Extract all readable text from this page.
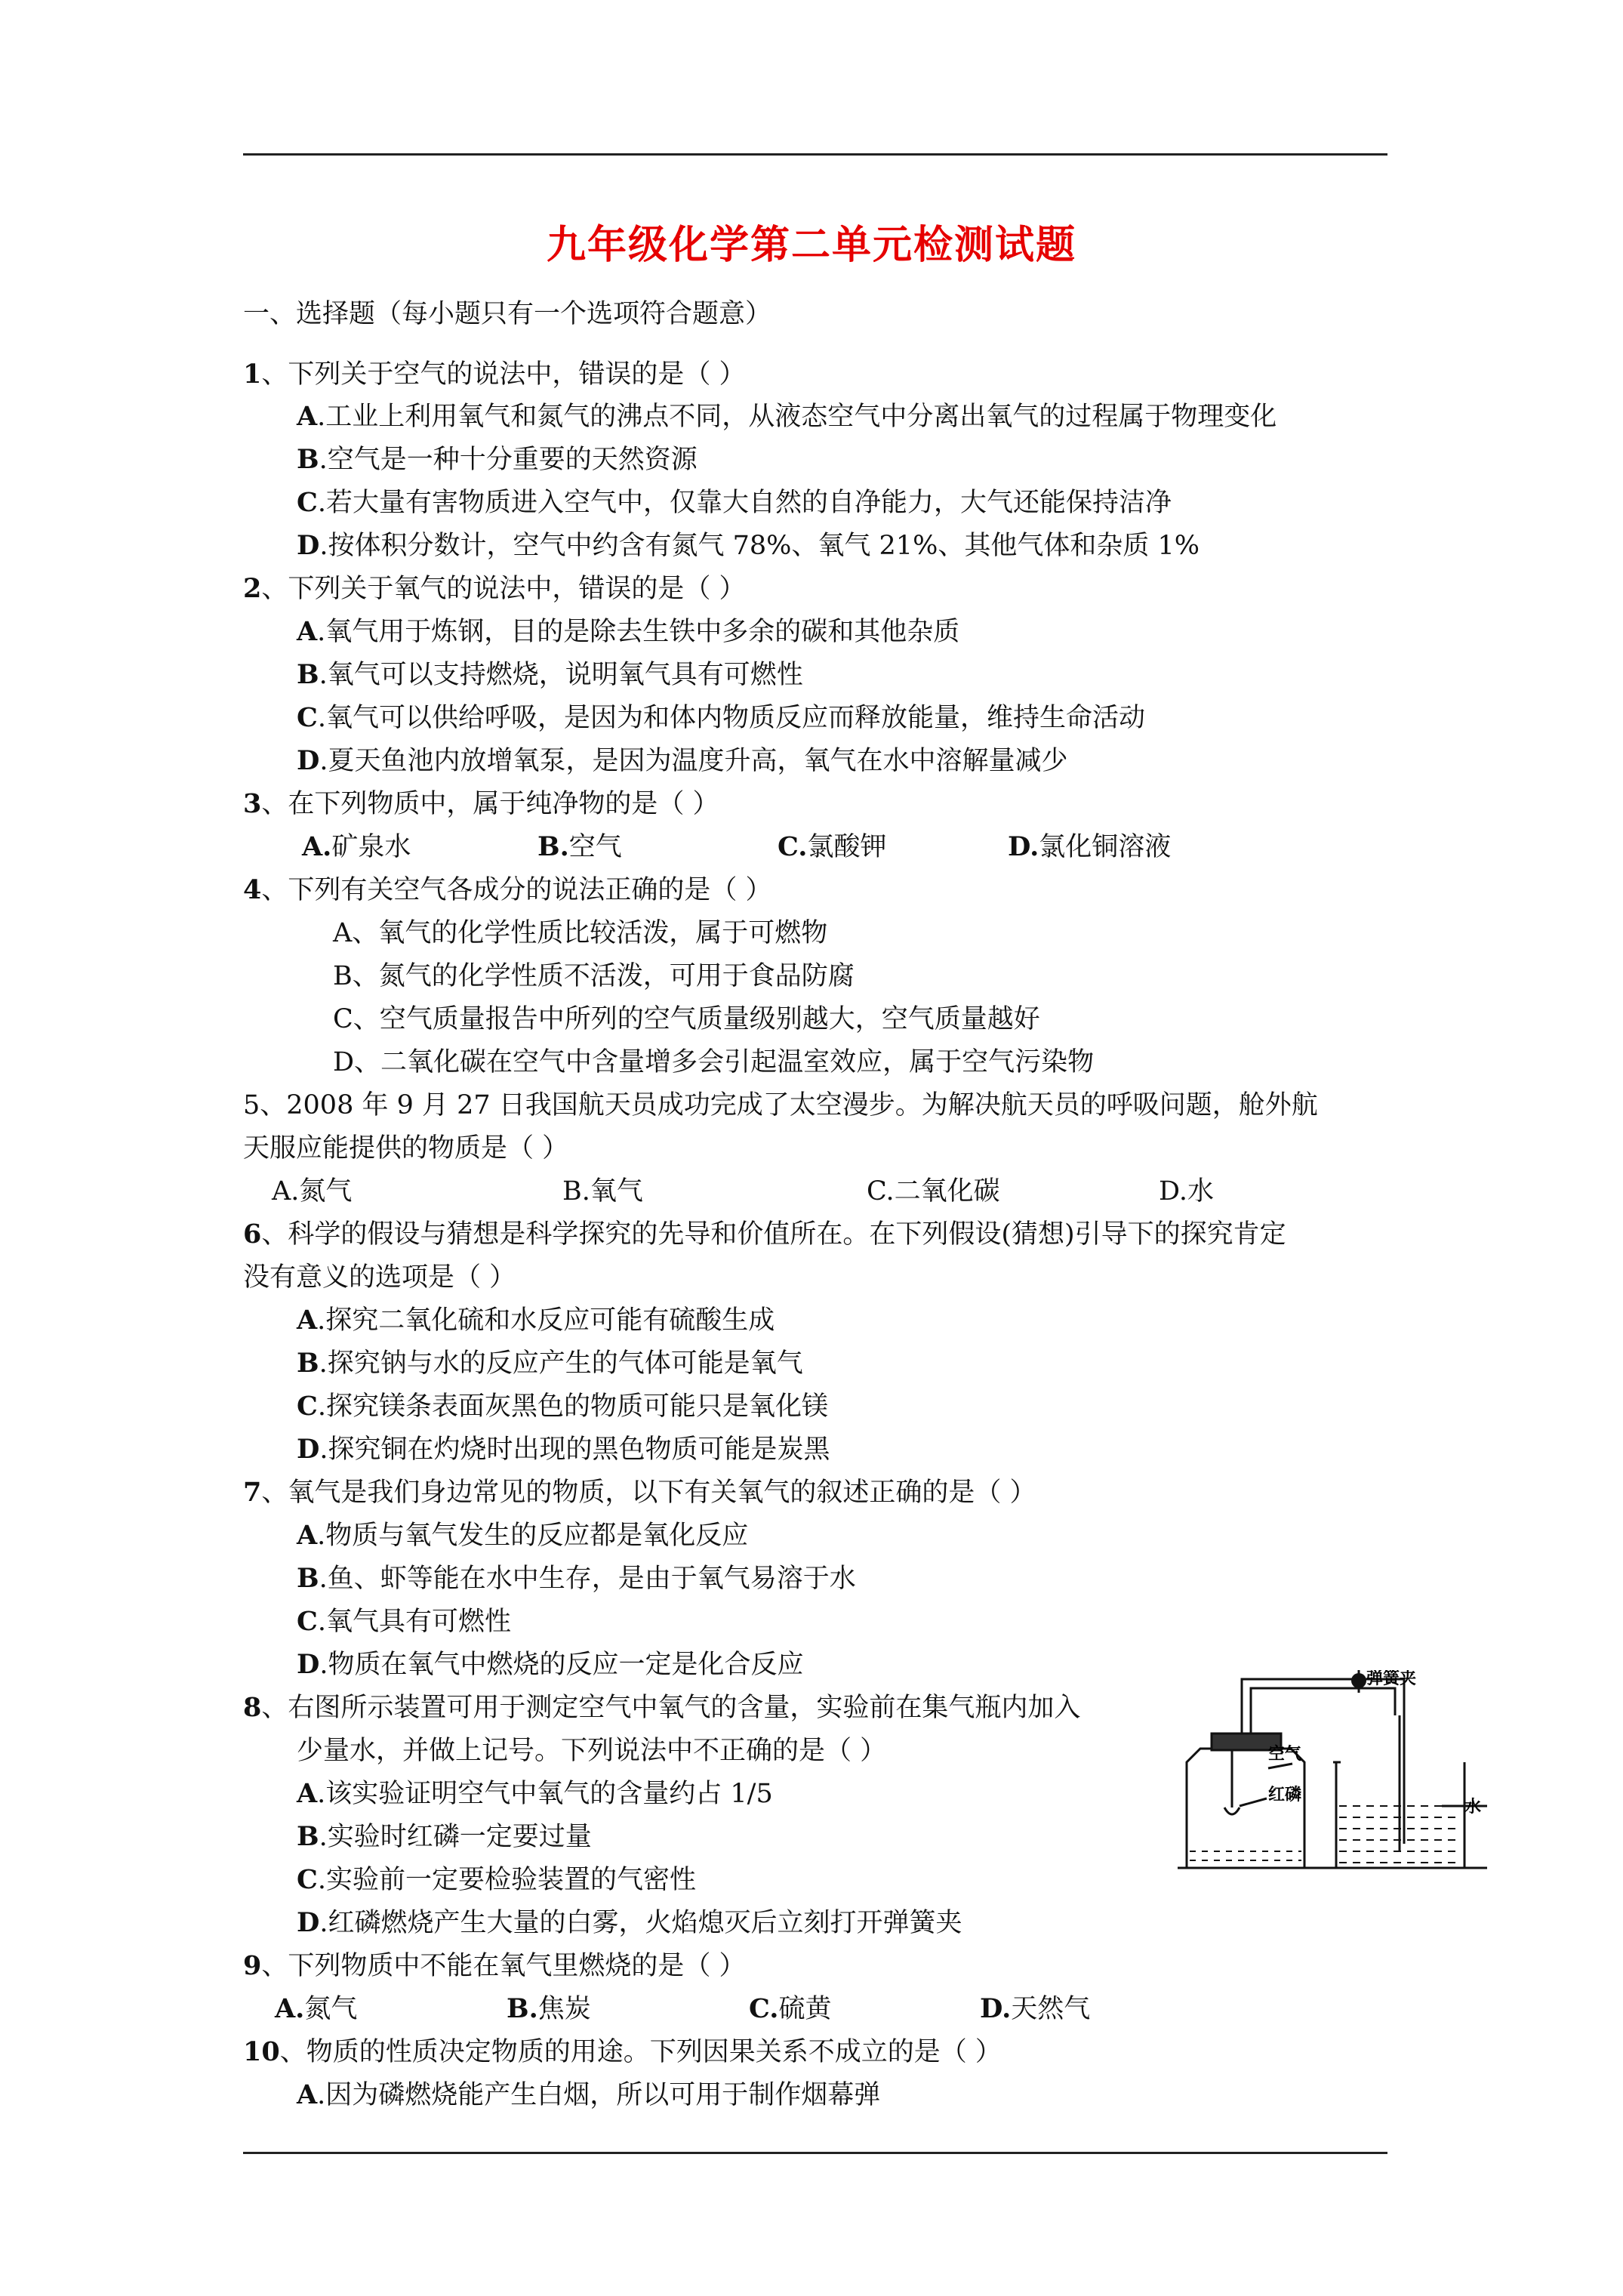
九年级化学第二单元检测试题
一、选择题（每小题只有一个选项符合题意）
1、下列关于空气的说法中，错误的是（ ）
A.工业上利用氧气和氮气的沸点不同，从液态空气中分离出氧气的过程属于物理变化
B.空气是一种十分重要的天然资源
C.若大量有害物质进入空气中，仅靠大自然的自净能力，大气还能保持洁净
D.按体积分数计，空气中约含有氮气 78%、氧气 21%、其他气体和杂质 1%
2、下列关于氧气的说法中，错误的是（ ）
A.氧气用于炼钢，目的是除去生铁中多余的碳和其他杂质
B.氧气可以支持燃烧，说明氧气具有可燃性
C.氧气可以供给呼吸，是因为和体内物质反应而释放能量，维持生命活动
D.夏天鱼池内放增氧泵，是因为温度升高，氧气在水中溶解量减少
3、在下列物质中，属于纯净物的是（ ）
A.矿泉水	B.空气	C.氯酸钾	D.氯化铜溶液
4、下列有关空气各成分的说法正确的是（ ）
A、氧气的化学性质比较活泼，属于可燃物
B、氮气的化学性质不活泼，可用于食品防腐
C、空气质量报告中所列的空气质量级别越大，空气质量越好
D、二氧化碳在空气中含量增多会引起温室效应，属于空气污染物
5、2008 年 9 月 27 日我国航天员成功完成了太空漫步。为解决航天员的呼吸问题，舱外航
天服应能提供的物质是（ ）
A.氮气	B.氧气	C.二氧化碳	D.水
6、科学的假设与猜想是科学探究的先导和价值所在。在下列假设(猜想)引导下的探究肯定
没有意义的选项是（ ）
A.探究二氧化硫和水反应可能有硫酸生成
B.探究钠与水的反应产生的气体可能是氧气
C.探究镁条表面灰黑色的物质可能只是氧化镁
D.探究铜在灼烧时出现的黑色物质可能是炭黑
7、氧气是我们身边常见的物质，以下有关氧气的叙述正确的是（ ）
A.物质与氧气发生的反应都是氧化反应
B.鱼、虾等能在水中生存，是由于氧气易溶于水
C.氧气具有可燃性
D.物质在氧气中燃烧的反应一定是化合反应
8、右图所示装置可用于测定空气中氧气的含量，实验前在集气瓶内加入
少量水，并做上记号。下列说法中不正确的是（ ）
A.该实验证明空气中氧气的含量约占 1/5
B.实验时红磷一定要过量
C.实验前一定要检验装置的气密性
D.红磷燃烧产生大量的白雾，火焰熄灭后立刻打开弹簧夹
弹簧夹
空气
红磷
水
9、下列物质中不能在氧气里燃烧的是（ ）
A.氮气	B.焦炭	C.硫黄	D.天然气
10、物质的性质决定物质的用途。下列因果关系不成立的是（ ）
A.因为磷燃烧能产生白烟，所以可用于制作烟幕弹
